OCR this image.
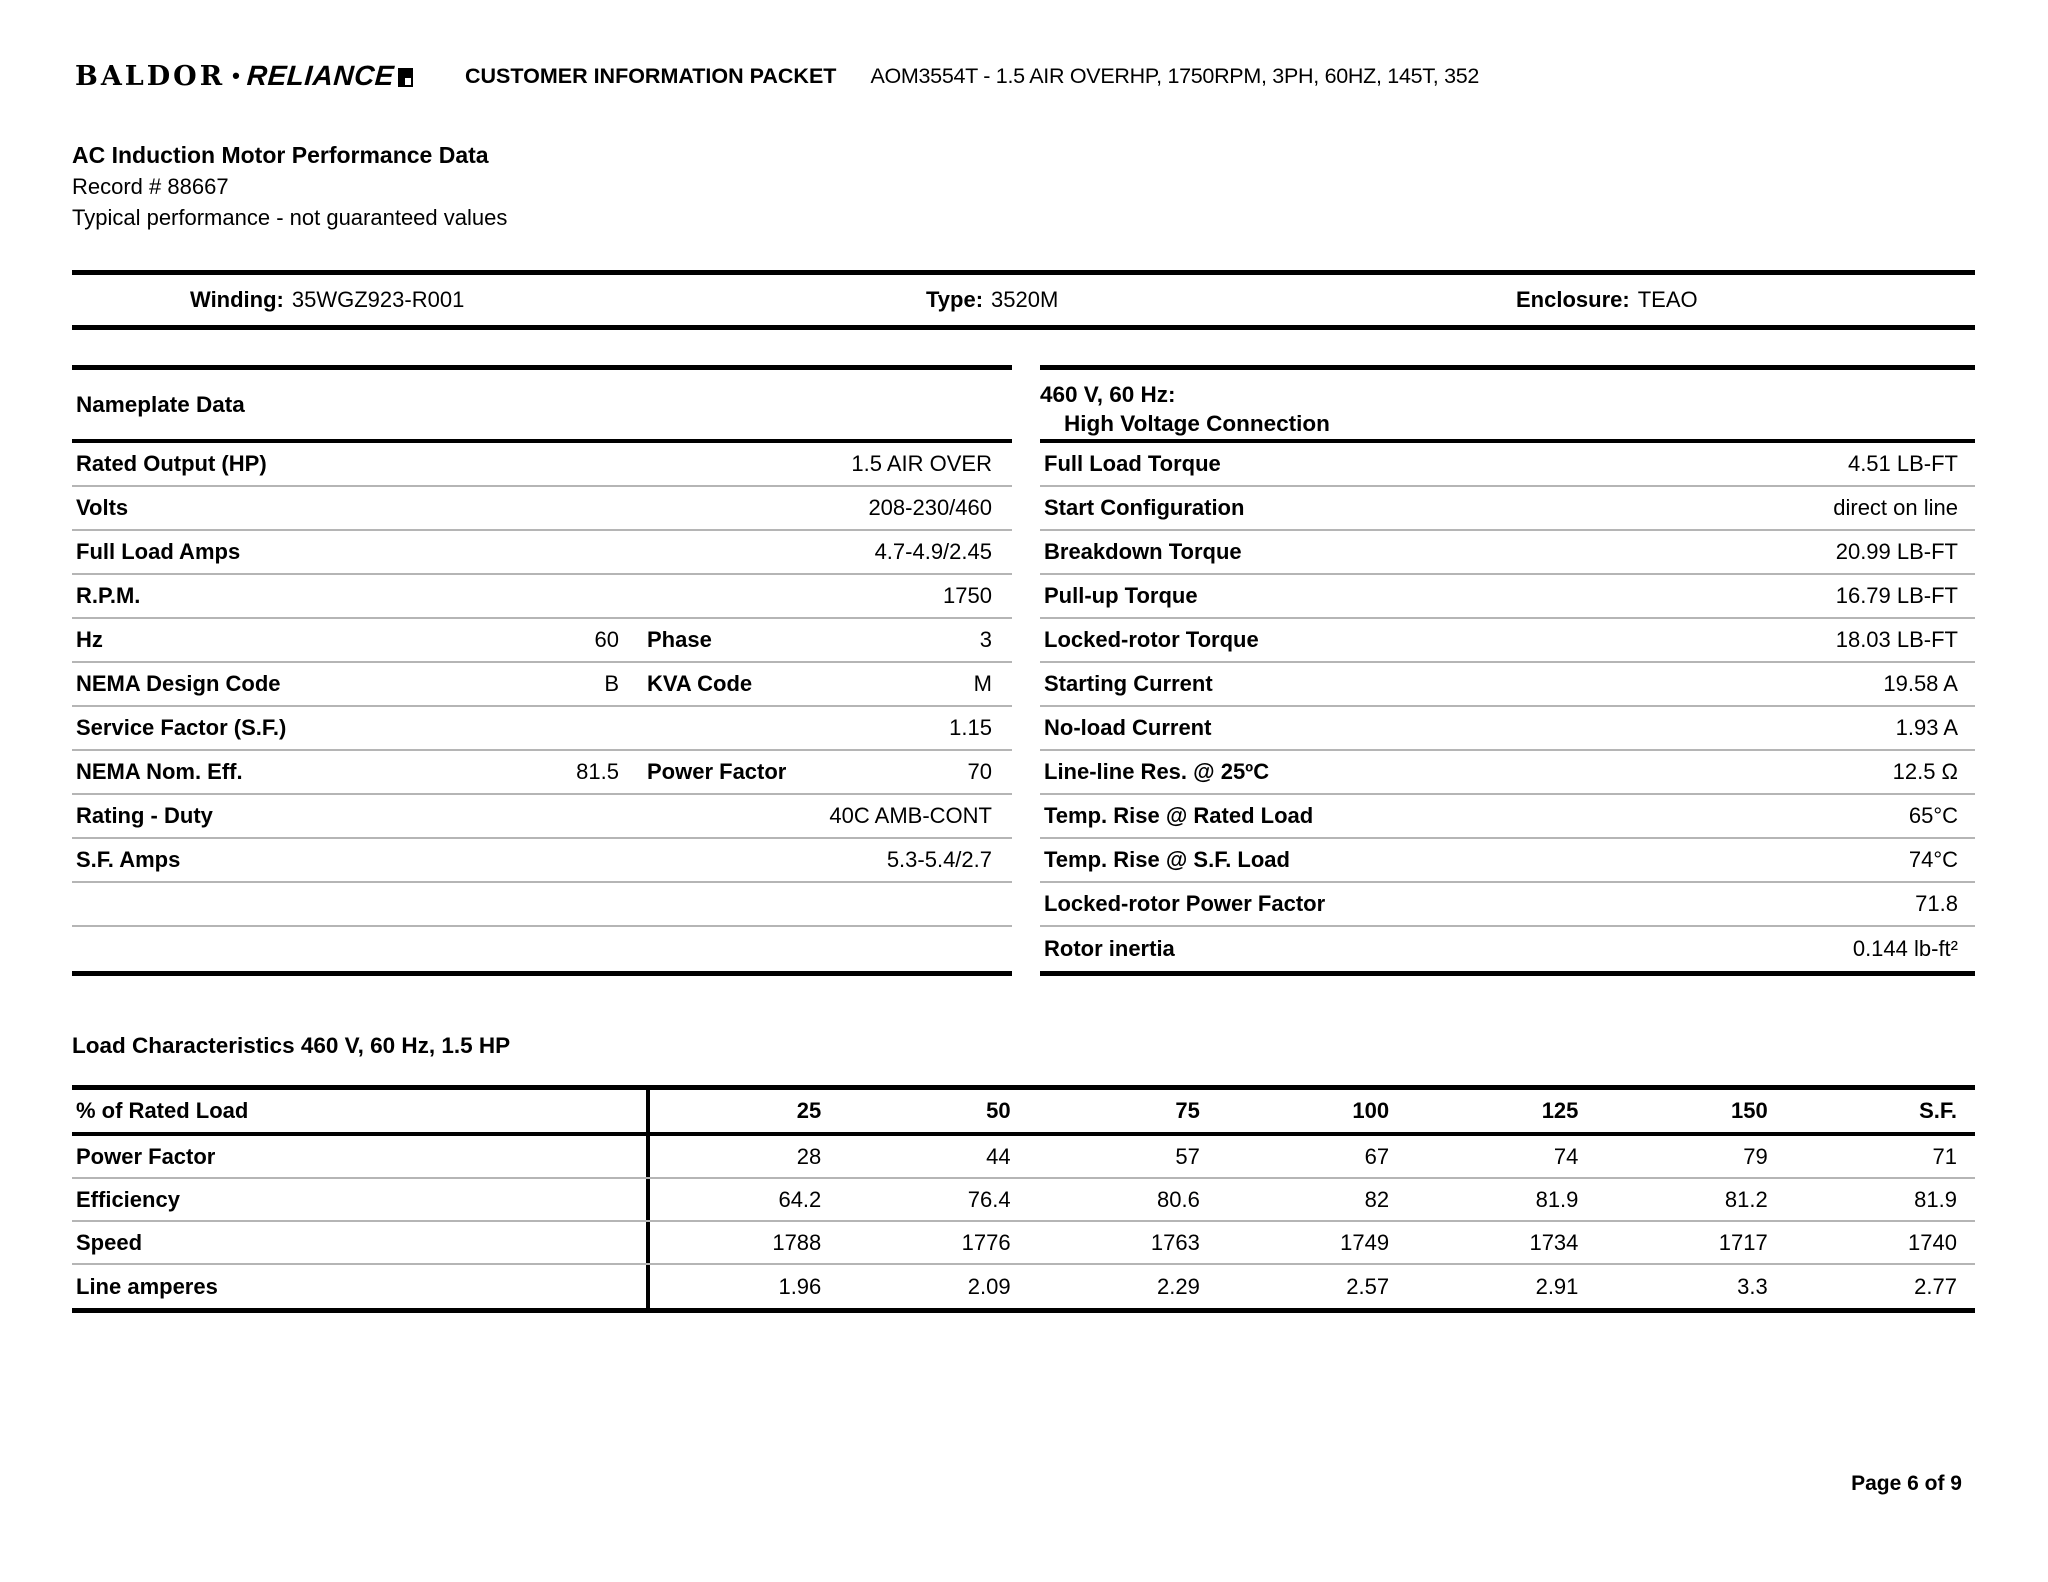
BALDOR • RELIANCE	CUSTOMER INFORMATION PACKET AOM3554T - 1.5 AIR OVERHP, 1750RPM, 3PH, 60HZ, 145T, 352
AC Induction Motor Performance Data
Record # 88667
Typical performance - not guaranteed values
Winding: 35WGZ923-R001	Type: 3520M	Enclosure: TEAO
Nameplate Data
Rated Output (HP)	1.5 AIR OVER
Volts	208-230/460
Full Load Amps	4.7-4.9/2.45
R.P.M.	1750
Hz	60 Phase	3
NEMA Design Code	B KVA Code	M
Service Factor (S.F.)	1.15
NEMA Nom. Eff.	81.5 Power Factor	70
Rating - Duty	40C AMB-CONT
S.F. Amps	5.3-5.4/2.7
460 V, 60 Hz:
High Voltage Connection
Full Load Torque	4.51 LB-FT
Start Configuration	direct on line
Breakdown Torque	20.99 LB-FT
Pull-up Torque	16.79 LB-FT
Locked-rotor Torque	18.03 LB-FT
Starting Current	19.58 A
No-load Current	1.93 A
Line-line Res. @ 25ºC	12.5 Ω
Temp. Rise @ Rated Load	65°C
Temp. Rise @ S.F. Load	74°C
Locked-rotor Power Factor	71.8
Rotor inertia	0.144 lb-ft²
Load Characteristics 460 V, 60 Hz, 1.5 HP
% of Rated Load	25	50	75	100	125	150	S.F.
Power Factor	28	44	57	67	74	79	71
Efficiency	64.2	76.4	80.6	82	81.9	81.2	81.9
Speed	1788	1776	1763	1749	1734	1717	1740
Line amperes	1.96	2.09	2.29	2.57	2.91	3.3	2.77
Page 6 of 9
